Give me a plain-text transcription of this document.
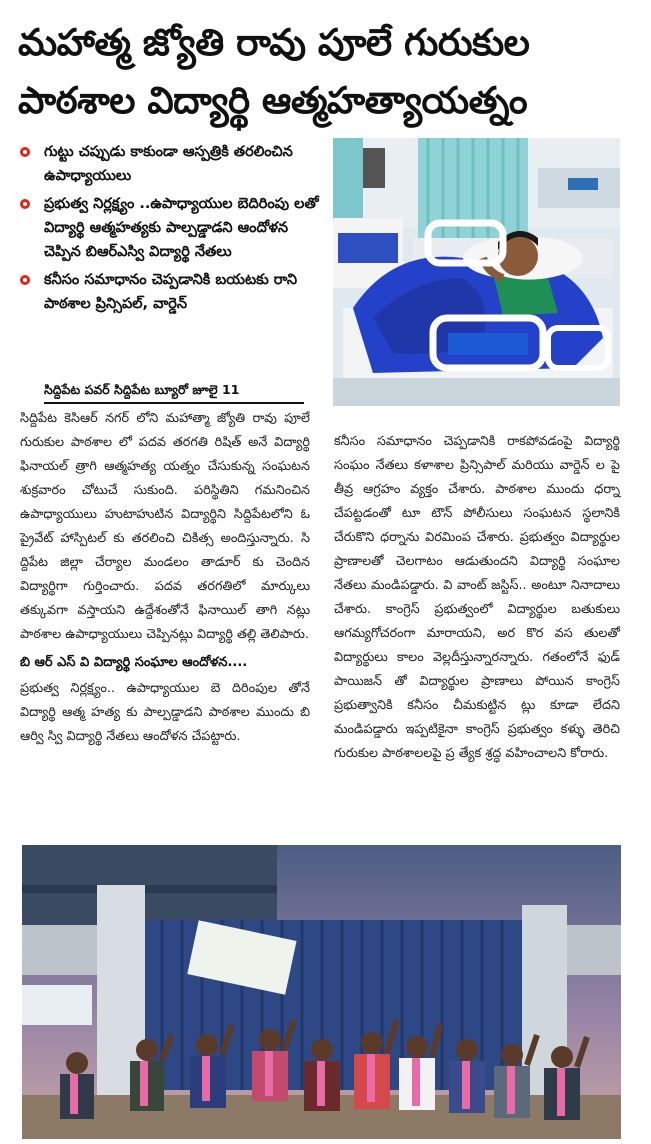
మహాత్మ జ్యోతి రావు పూలే గురుకుల
పాఠశాల విద్యార్థి ఆత్మహత్యాయత్నం
గుట్టు చప్పుడు కాకుండా ఆస్పత్రికి తరలించిన ఉపాధ్యాయులు
ప్రభుత్వ నిర్లక్ష్యం ..ఉపాధ్యాయుల బెదిరింపు లతో విద్యార్థి ఆత్మహత్యకు పాల్పడ్డాడని ఆందోళన చెప్పిన బిఆర్ఎస్వి విద్యార్థి నేతలు
కనీసం సమాధానం చెప్పడానికి బయటకు రాని పాఠశాల ప్రిన్సిపల్, వార్డెన్
సిద్దిపేట పవర్ సిద్దిపేట బ్యూరో జూలై 11

సిద్దిపేట కెసిఆర్ నగర్ లోని మహాత్మా జ్యోతి రావు పూలే గురుకుల పాఠశాల లో పదవ తరగతి రిషిత్ అనే విద్యార్థి ఫినాయల్ త్రాగి ఆత్మహత్య యత్నం చేసుకున్న సంఘటన శుక్రవారం చోటుచే సుకుంది. పరిస్థితిని గమనించిన ఉపాధ్యాయులు హుటాహుటిన విద్యార్థిని సిద్దిపేటలోని ఓ ప్రైవేట్ హాస్పిటల్ కు తరలించి చికిత్స అందిస్తున్నారు. సి ద్దిపేట జిల్లా చేర్యాల మండలం తాడూర్ కు చెందిన విద్యార్థిగా గుర్తించారు. పదవ తరగతిలో మార్కులు తక్కువగా వస్తాయని ఉద్దేశంతోనే ఫినాయిల్ తాగి నట్లు పాఠశాల ఉపాధ్యాయులు చెప్పినట్లు విద్యార్థి తల్లి తెలిపారు.

బి ఆర్ ఎస్ వి విద్యార్థి సంఘాల ఆందోళన....

ప్రభుత్వ నిర్లక్ష్యం.. ఉపాధ్యాయుల బె దిరింపుల తోనే విద్యార్థి ఆత్మ హత్య కు పాల్పడ్డాడని పాఠశాల ముందు బి ఆర్వి స్వి విద్యార్థి నేతలు ఆందోళన చేపట్టారు.

కనీసం సమాధానం చెప్పడానికి రాకపోవడంపై విద్యార్థి సంఘం నేతలు కళాశాల ప్రిన్సిపాల్ మరియు వార్డెన్ ల పై తీవ్ర ఆగ్రహం వ్యక్తం చేశారు. పాఠశాల ముందు ధర్నా చేపట్టడంతో టూ టౌన్ పోలీసులు సంఘటన స్థలానికి చేరుకొని ధర్నాను విరమింప చేశారు. ప్రభుత్వం విద్యార్థుల ప్రాణాలతో చెలగాటం ఆడుతుందని విద్యార్థి సంఘాల నేతలు మండిపడ్డారు. వి వాంట్ జస్టిస్.. అంటూ నినాదాలు చేశారు. కాంగ్రెస్ ప్రభుత్వంలో విద్యార్థుల బతుకులు ఆగమ్యగోచరంగా మారాయని, అర కొర వస తులతో విద్యార్థులు కాలం వెల్లదీస్తున్నారన్నారు. గతంలోనే ఫుడ్ పాయిజన్ తో విద్యార్థుల ప్రాణాలు పోయిన కాంగ్రెస్ ప్రభుత్వానికి కనీసం చీమకుట్టిన ట్లు కూడా లేదని మండిపడ్డారు ఇప్పటికైనా కాంగ్రెస్ ప్రభుత్వం కళ్ళు తెరిచి గురుకుల పాఠశాలలపై ప్ర త్యేక శ్రద్ధ వహించాలని కోరారు.
